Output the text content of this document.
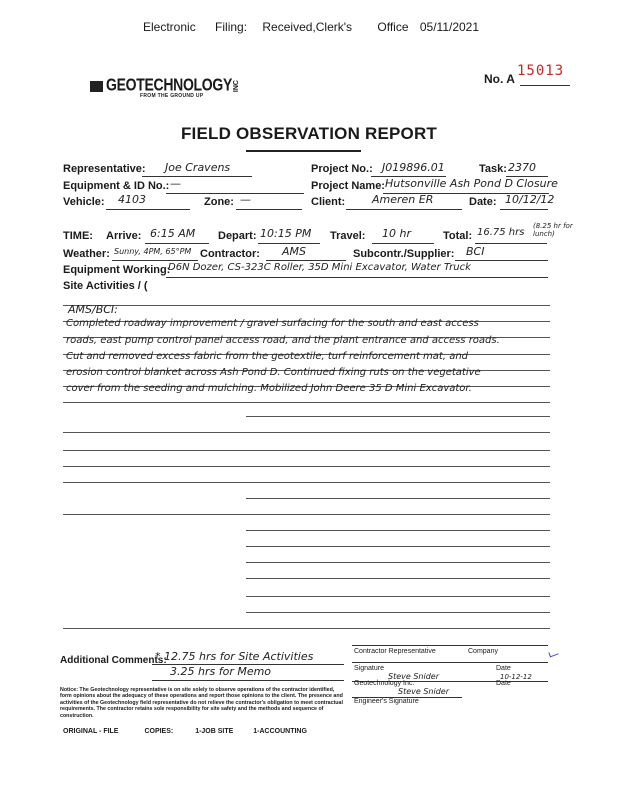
Electronic Filing: Received,Clerk's Office 05/11/2021
GEOTECHNOLOGY INC
FROM THE GROUND UP
No. A 15013
FIELD OBSERVATION REPORT
Representative: Joe Cravens	Project No.: J019896.01	Task: 2370
Equipment & ID No.: —	Project Name: Hutsonville Ash Pond D Closure
Vehicle: 4103	Zone: —	Client: Ameren ER	Date: 10/12/12
TIME: Arrive: 6:15 AM Depart: 10:15 PM Travel: 10 hr	Total: 16.75 hrs
(8.25 hr for lunch)
Weather: Sunny, 4PM, 65°PM Contractor: AMS	Subcontr./Supplier: BCI
Equipment Working:
D6N Dozer, CS-323C Roller, 35D Mini Excavator, Water Truck
Site Activities / (
AMS/BCI:
Completed roadway improvement / gravel surfacing for the south and east access
roads, east pump control panel access road, and the plant entrance and access roads.
Cut and removed excess fabric from the geotextile, turf reinforcement mat, and
erosion control blanket across Ash Pond D. Continued fixing ruts on the vegetative
cover from the seeding and mulching. Mobilized John Deere 35 D Mini Excavator.
Additional Comments:
* 12.75 hrs for Site Activities
3.25 hrs for Memo
Contractor Representative	Company
Signature
Steve Snider
Date
10-12-12
Geotechnology Inc.	Date
Steve Snider
Engineer's Signature
Notice: The Geotechnology representative is on site solely to observe operations of the contractor identified, form opinions about the adequacy of these operations and report those opinions to the client. The presence and activities of the Geotechnology field representative do not relieve the contractor's obligation to meet contractual requirements. The contractor retains sole responsibility for site safety and the methods and sequence of construction.
ORIGINAL - FILE	COPIES:	1-JOB SITE	1-ACCOUNTING
